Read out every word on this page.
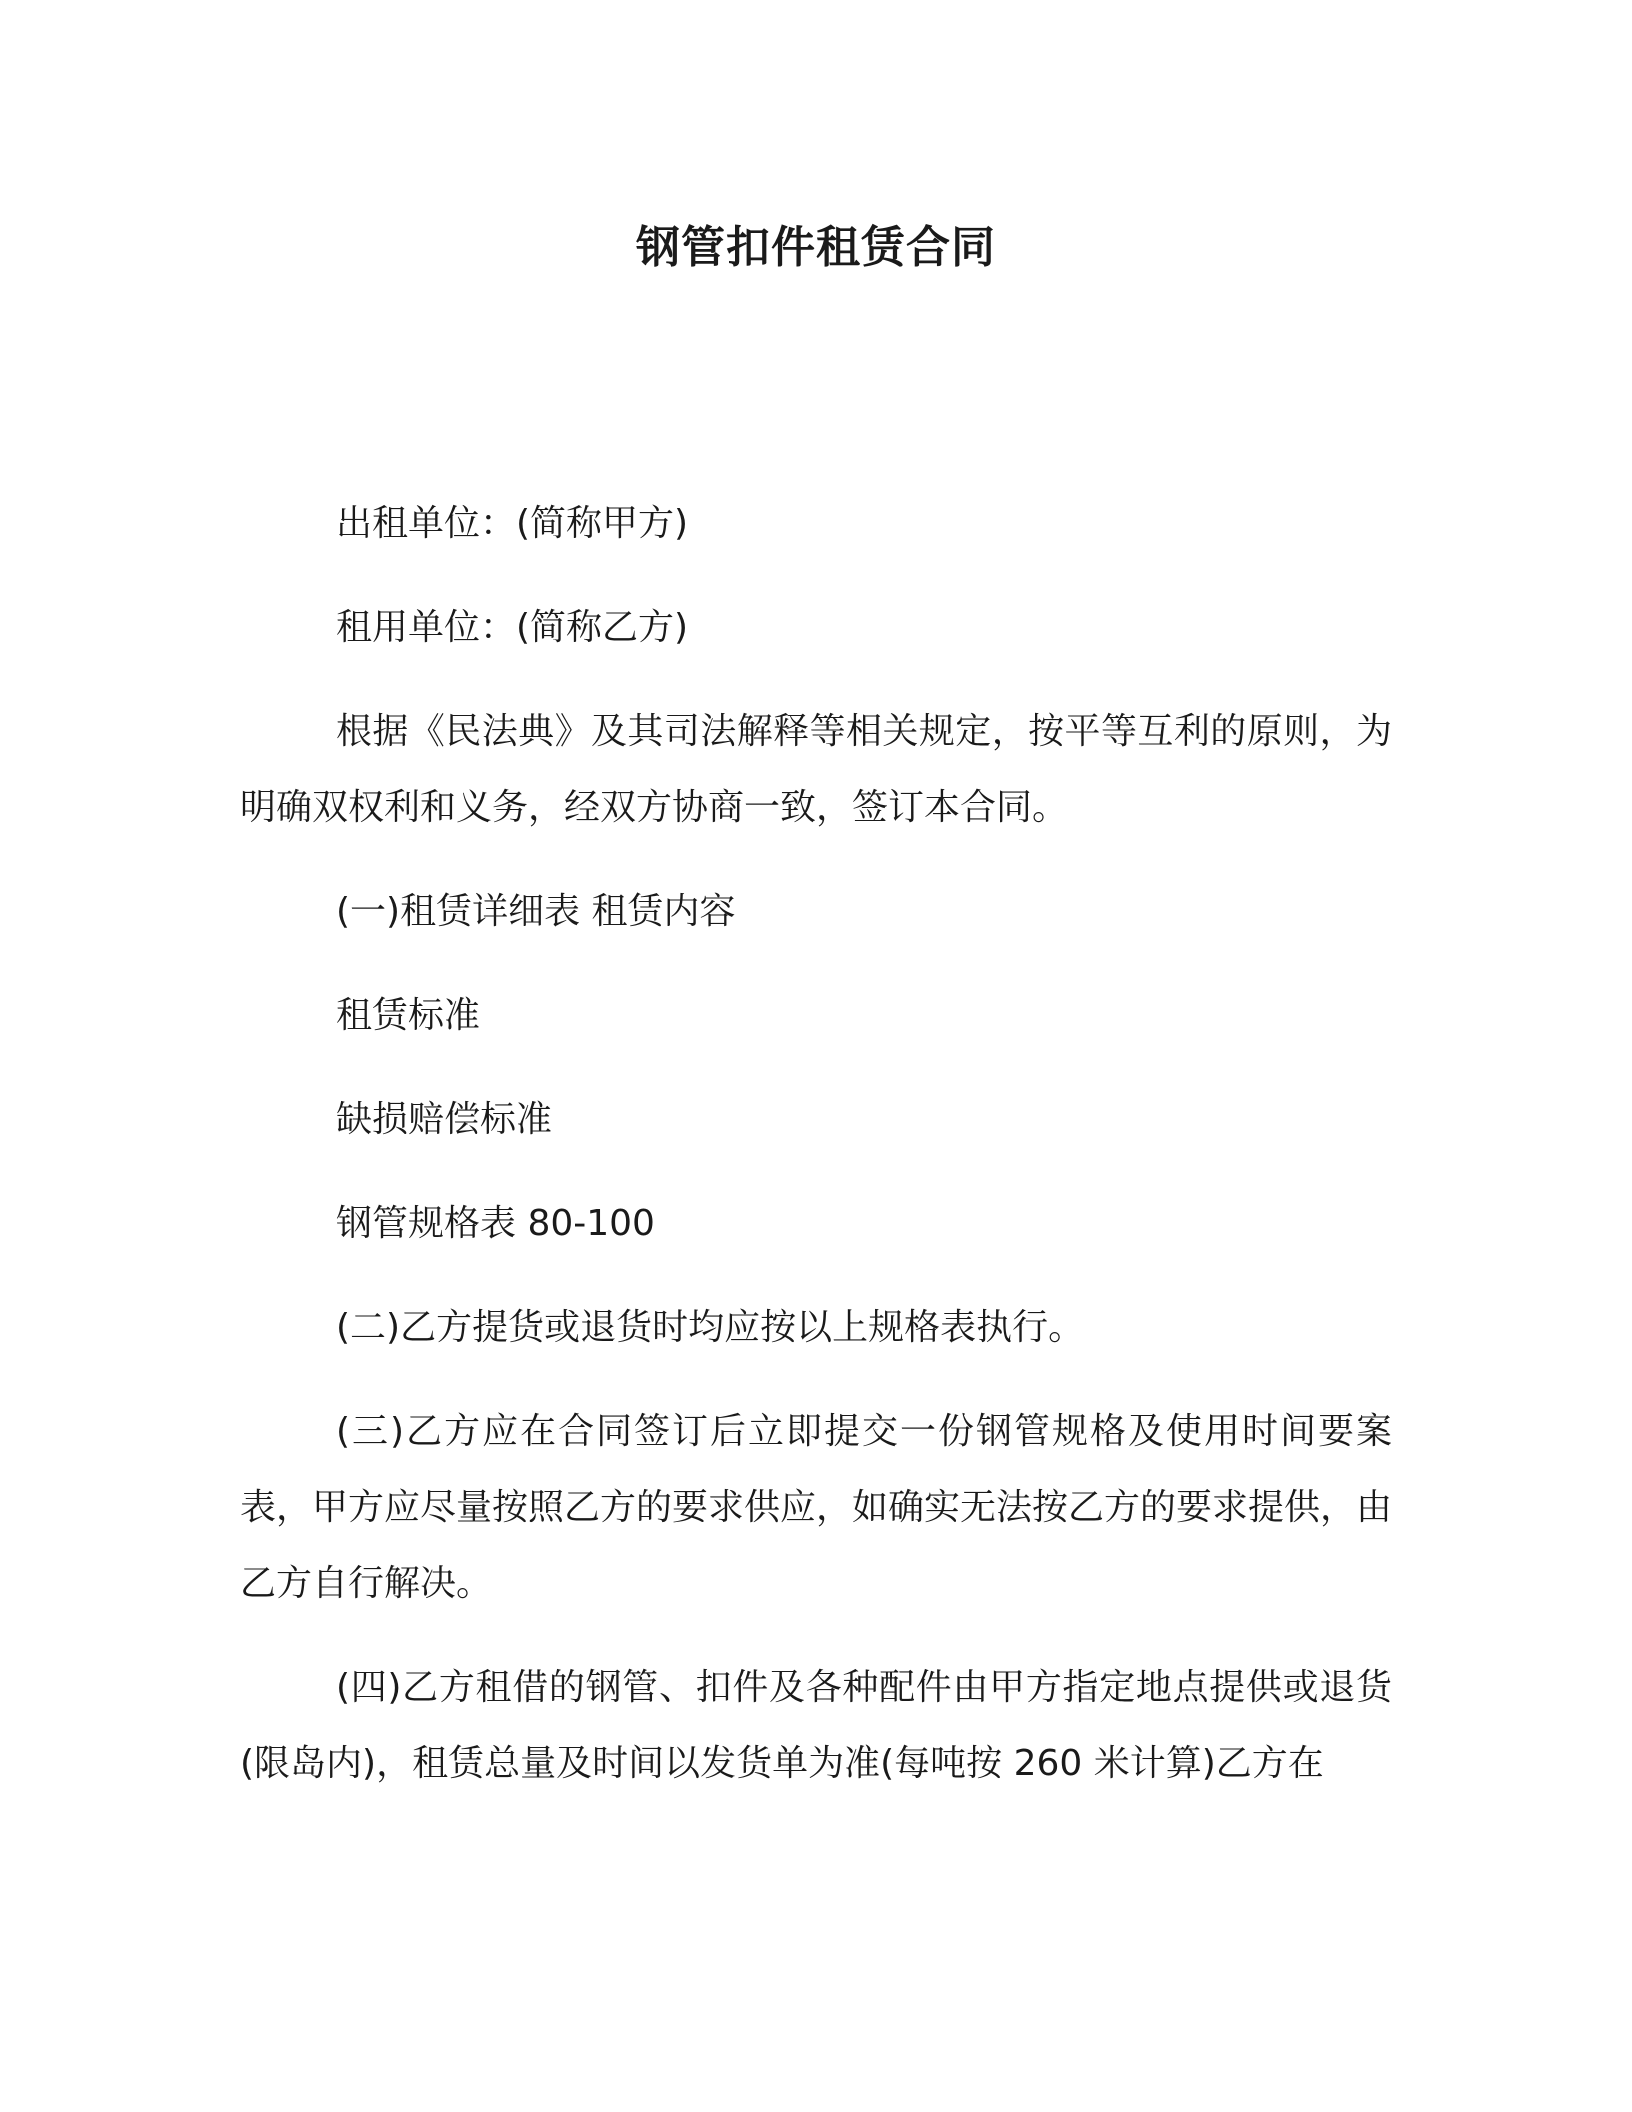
钢管扣件租赁合同

出租单位：(简称甲方)

租用单位：(简称乙方)

根据《民法典》及其司法解释等相关规定，按平等互利的原则，为明确双权利和义务，经双方协商一致，签订本合同。

(一)租赁详细表 租赁内容

租赁标准

缺损赔偿标准

钢管规格表 80-100

(二)乙方提货或退货时均应按以上规格表执行。

(三)乙方应在合同签订后立即提交一份钢管规格及使用时间要案表，甲方应尽量按照乙方的要求供应，如确实无法按乙方的要求提供，由乙方自行解决。

(四)乙方租借的钢管、扣件及各种配件由甲方指定地点提供或退货(限岛内)，租赁总量及时间以发货单为准(每吨按 260 米计算)乙方在
